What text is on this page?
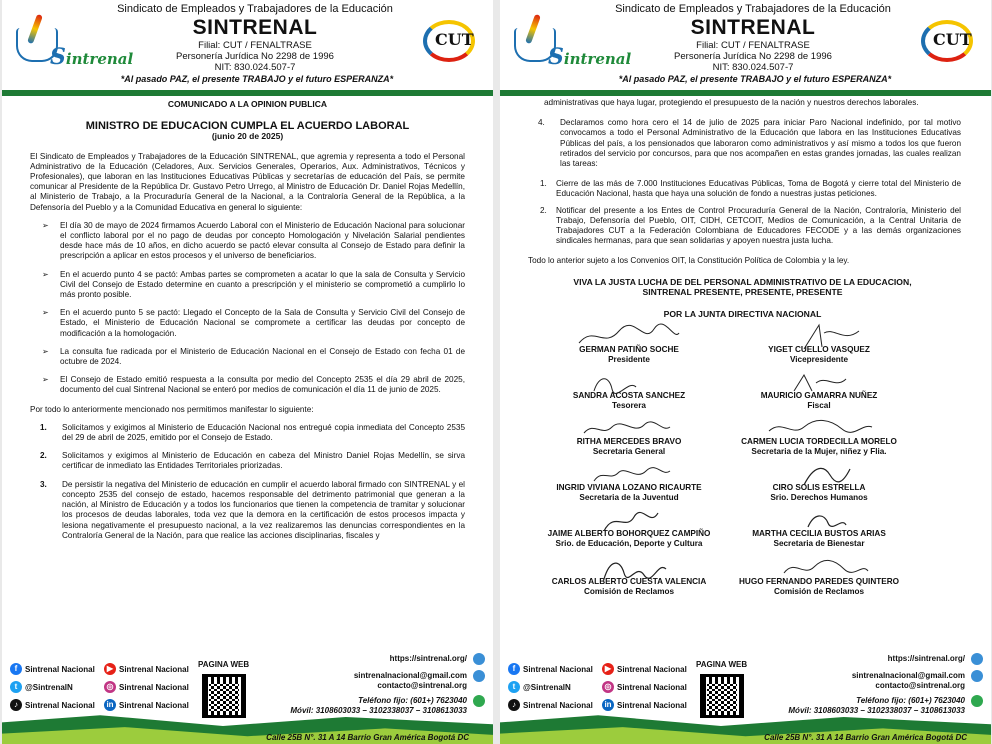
Sintrenal
Sindicato de Empleados y Trabajadores de la Educación
SINTRENAL
Filial: CUT / FENALTRASE
Personería Jurídica No 2298 de 1996
NIT: 830.024.507-7
*Al pasado PAZ, el presente TRABAJO y el futuro ESPERANZA*
CUT
COMUNICADO A LA OPINION PUBLICA
MINISTRO DE EDUCACION CUMPLA EL ACUERDO LABORAL
(junio 20 de 2025)
El Sindicato de Empleados y Trabajadores de la Educación SINTRENAL, que agremia y representa a todo el Personal Administrativo de la Educación (Celadores, Aux. Servicios Generales, Operarios, Aux. Administrativos, Técnicos y Profesionales), que laboran en las Instituciones Educativas Públicas y secretarías de educación del País, se permite comunicar al Presidente de la República Dr. Gustavo Petro Urrego, al Ministro de Educación Dr. Daniel Rojas Medellín, al Ministerio de Trabajo, a la Procuraduría General de la Nacional, a la Contraloría General de la República, a la Defensoría del Pueblo y a la Comunidad Educativa en general lo siguiente:
➢ El día 30 de mayo de 2024 firmamos Acuerdo Laboral con el Ministerio de Educación Nacional para solucionar el conflicto laboral por el no pago de deudas por concepto Homologación y Nivelación Salarial pendientes desde hace más de 10 años, en dicho acuerdo se pactó elevar consulta al Consejo de Estado para definir la prescripción a aplicar en estos procesos y el universo de beneficiarios.
➢ En el acuerdo punto 4 se pactó: Ambas partes se comprometen a acatar lo que la sala de Consulta y Servicio Civil del Consejo de Estado determine en cuanto a prescripción y el ministerio se comprometió a cumplirlo lo más pronto posible.
➢ En el acuerdo punto 5 se pactó: Llegado el Concepto de la Sala de Consulta y Servicio Civil del Consejo de Estado, el Ministerio de Educación Nacional se compromete a certificar las deudas por concepto de modificación a la homologación.
➢ La consulta fue radicada por el Ministerio de Educación Nacional en el Consejo de Estado con fecha 01 de octubre de 2024.
➢ El Consejo de Estado emitió respuesta a la consulta por medio del Concepto 2535 el día 29 abril de 2025, documento del cual Sintrenal Nacional se enteró por medios de comunicación el día 11 de junio de 2025.
Por todo lo anteriormente mencionado nos permitimos manifestar lo siguiente:
1. Solicitamos y exigimos al Ministerio de Educación Nacional nos entregué copia inmediata del Concepto 2535 del 29 de abril de 2025, emitido por el Consejo de Estado.
2. Solicitamos y exigimos al Ministerio de Educación en cabeza del Ministro Daniel Rojas Medellín, se sirva certificar de inmediato las Entidades Territoriales priorizadas.
3. De persistir la negativa del Ministerio de educación en cumplir el acuerdo laboral firmado con SINTRENAL y el concepto 2535 del consejo de estado, hacemos responsable del detrimento patrimonial que generan a la nación, al Ministro de Educación y a todos los funcionarios que tienen la competencia de tramitar y solucionar los procesos de deudas laborales, toda vez que la demora en la certificación de estos procesos impacta y lesiona negativamente el presupuesto nacional, a la vez realizaremos las denuncias correspondientes en la Contraloría General de la Nación, para que realice las acciones disciplinarias, fiscales y
f Sintrenal Nacional	▶ Sintrenal Nacional
t @SintrenalN	◎ Sintrenal Nacional
♪ Sintrenal Nacional	in Sintrenal Nacional
PAGINA WEB
https://sintrenal.org/
sintrenalnacional@gmail.com
contacto@sintrenal.org
Teléfono fijo: (601+) 7623040
Móvil: 3108603033 – 3102338037 – 3108613033
Calle 25B N°. 31 A 14 Barrio Gran América Bogotá DC
Sintrenal
Sindicato de Empleados y Trabajadores de la Educación
SINTRENAL
Filial: CUT / FENALTRASE
Personería Jurídica No 2298 de 1996
NIT: 830.024.507-7
*Al pasado PAZ, el presente TRABAJO y el futuro ESPERANZA*
CUT
administrativas que haya lugar, protegiendo el presupuesto de la nación y nuestros derechos laborales.
4. Declaramos como hora cero el 14 de julio de 2025 para iniciar Paro Nacional indefinido, por tal motivo convocamos a todo el Personal Administrativo de la Educación que labora en las Instituciones Educativas Públicas del país, a los pensionados que laboraron como administrativos y así mismo a todos los que fueron retirados del servicio por concursos, para que nos acompañen en estas grandes jornadas, las cuales realizan las tareas:
1. Cierre de las más de 7.000 Instituciones Educativas Públicas, Toma de Bogotá y cierre total del Ministerio de Educación Nacional, hasta que haya una solución de fondo a nuestras justas peticiones.
2. Notificar del presente a los Entes de Control Procuraduría General de la Nación, Contraloría, Ministerio del Trabajo, Defensoría del Pueblo, OIT, CIDH, CETCOIT, Medios de Comunicación, a la Central Unitaria de Trabajadores CUT a la Federación Colombiana de Educadores FECODE y a las demás organizaciones sindicales hermanas, para que sean solidarias y apoyen nuestra justa lucha.
Todo lo anterior sujeto a los Convenios OIT, la Constitución Política de Colombia y la ley.
VIVA LA JUSTA LUCHA DE DEL PERSONAL ADMINISTRATIVO DE LA EDUCACION,
SINTRENAL PRESENTE, PRESENTE, PRESENTE
POR LA JUNTA DIRECTIVA NACIONAL
GERMAN PATIÑO SOCHE
Presidente
YIGET CUELLO VASQUEZ
Vicepresidente
SANDRA ACOSTA SANCHEZ
Tesorera
MAURICIO GAMARRA NUÑEZ
Fiscal
RITHA MERCEDES BRAVO
Secretaria General
CARMEN LUCIA TORDECILLA MORELO
Secretaria de la Mujer, niñez y Flia.
INGRID VIVIANA LOZANO RICAURTE
Secretaria de la Juventud
CIRO SOLIS ESTRELLA
Srio. Derechos Humanos
JAIME ALBERTO BOHORQUEZ CAMPIÑO
Srio. de Educación, Deporte y Cultura
MARTHA CECILIA BUSTOS ARIAS
Secretaria de Bienestar
CARLOS ALBERTO CUESTA VALENCIA
Comisión de Reclamos
HUGO FERNANDO PAREDES QUINTERO
Comisión de Reclamos
f Sintrenal Nacional	▶ Sintrenal Nacional
t @SintrenalN	◎ Sintrenal Nacional
♪ Sintrenal Nacional	in Sintrenal Nacional
PAGINA WEB
https://sintrenal.org/
sintrenalnacional@gmail.com
contacto@sintrenal.org
Teléfono fijo: (601+) 7623040
Móvil: 3108603033 – 3102338037 – 3108613033
Calle 25B N°. 31 A 14 Barrio Gran América Bogotá DC
